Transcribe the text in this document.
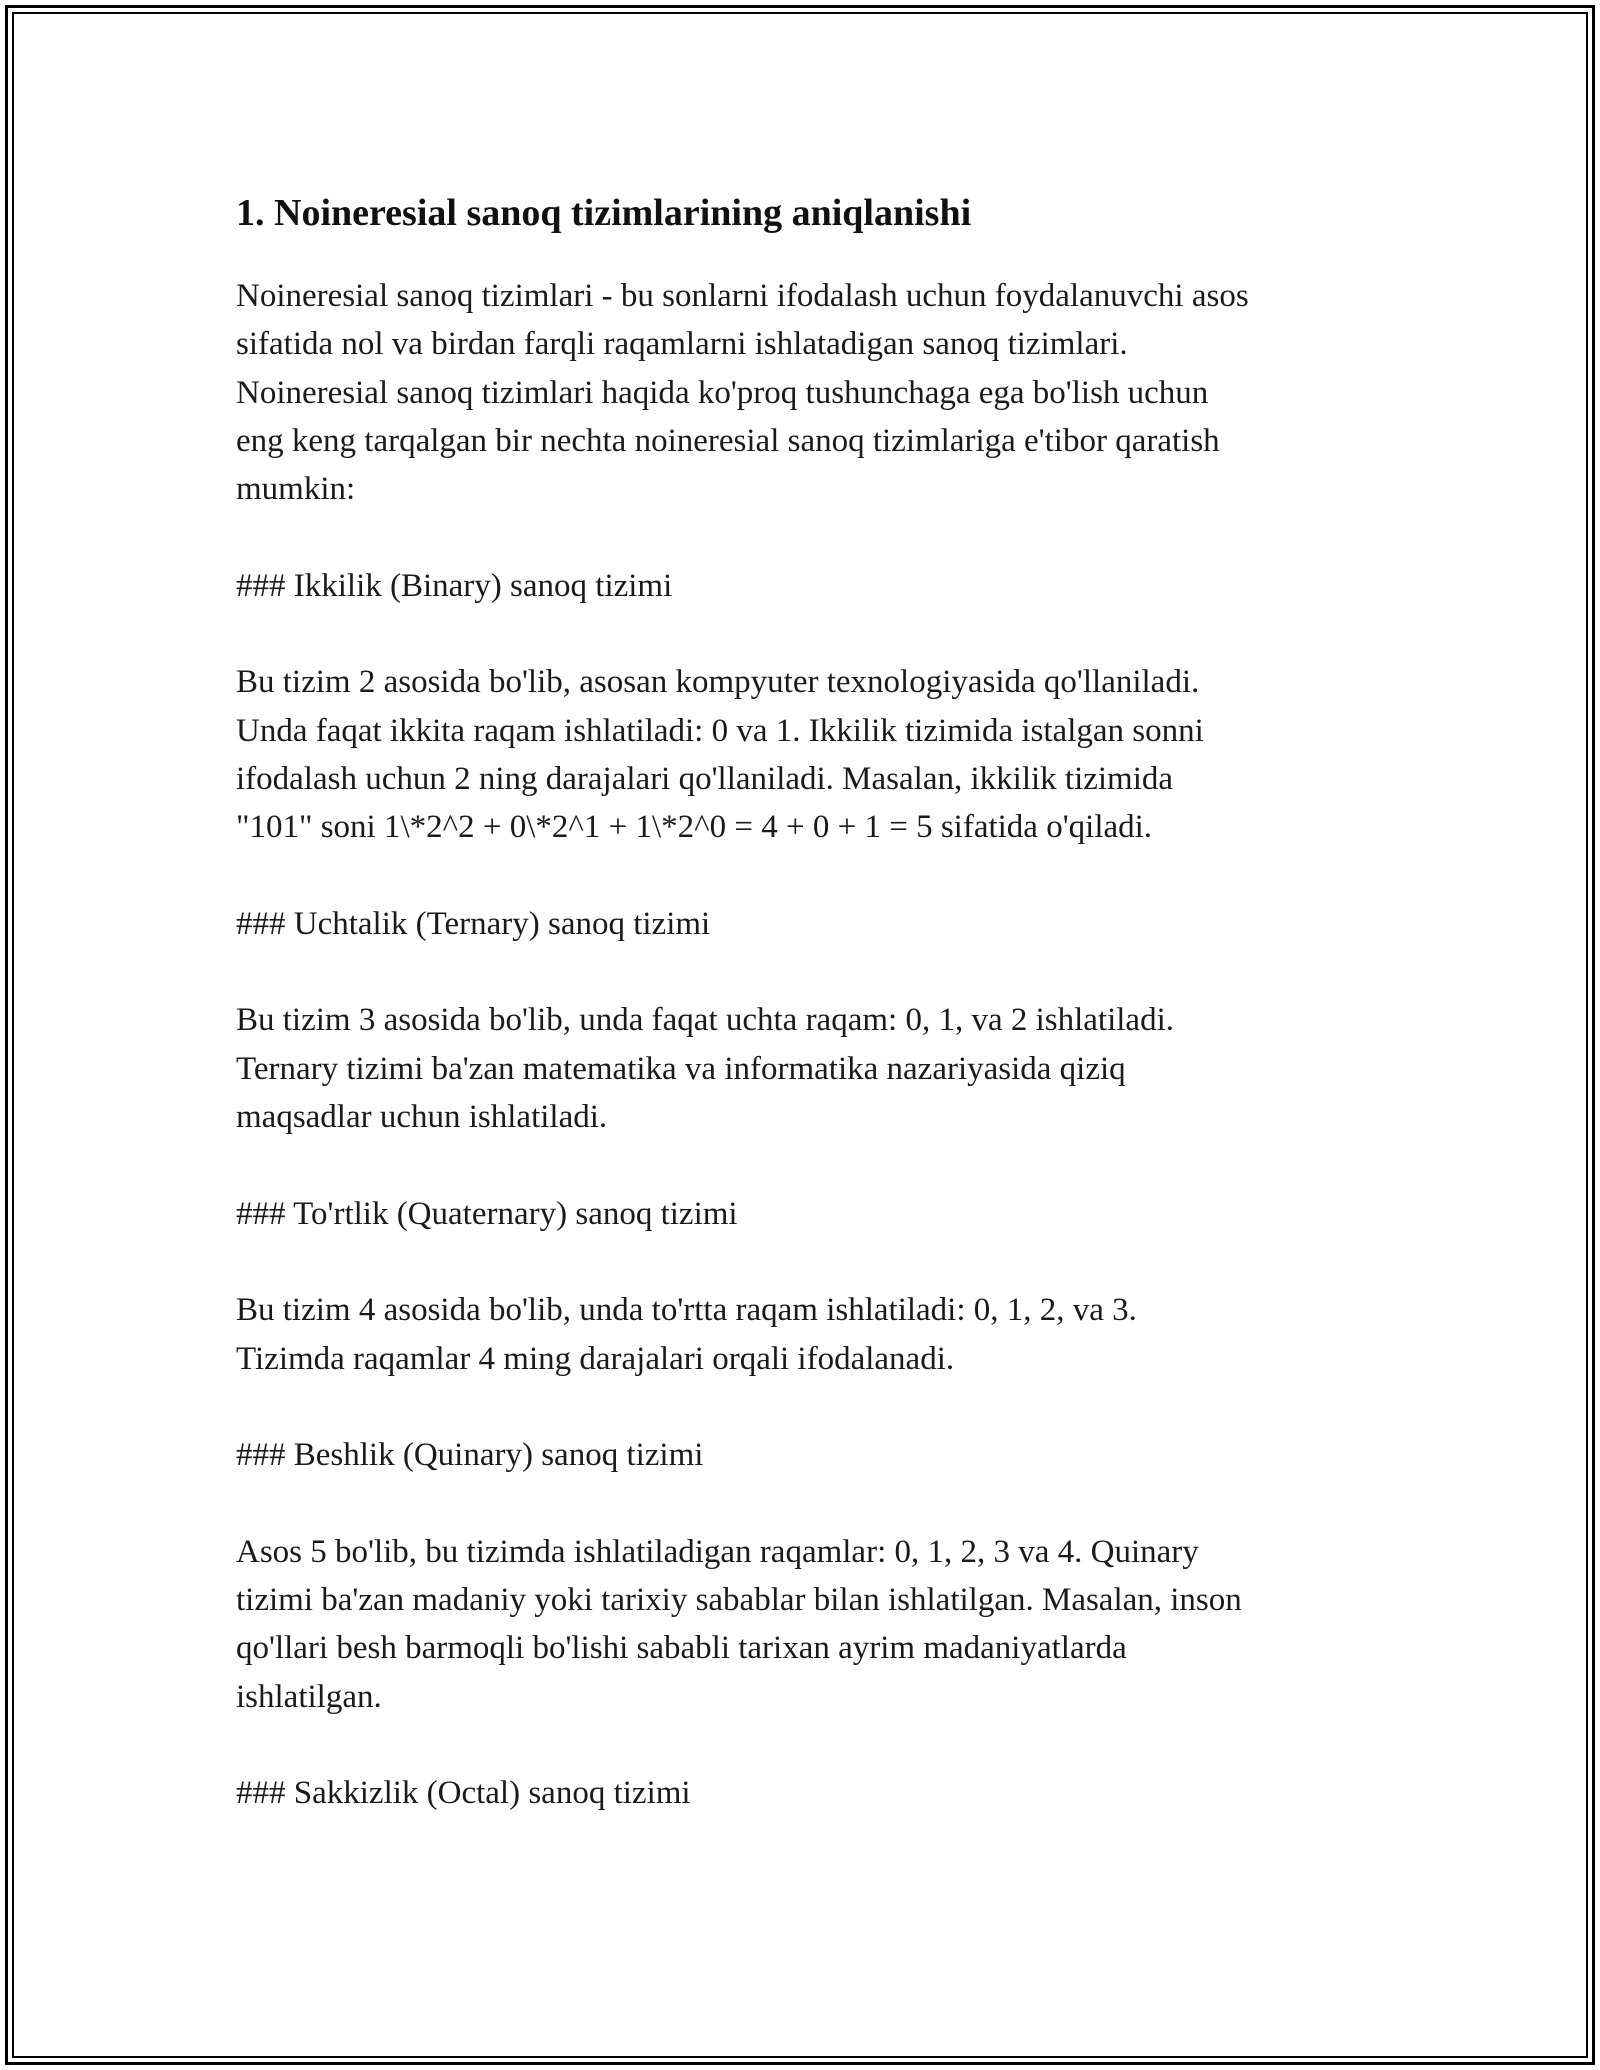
1. Noineresial sanoq tizimlarining aniqlanishi

Noineresial sanoq tizimlari - bu sonlarni ifodalash uchun foydalanuvchi asos
sifatida nol va birdan farqli raqamlarni ishlatadigan sanoq tizimlari.
Noineresial sanoq tizimlari haqida ko'proq tushunchaga ega bo'lish uchun
eng keng tarqalgan bir nechta noineresial sanoq tizimlariga e'tibor qaratish
mumkin:

### Ikkilik (Binary) sanoq tizimi

Bu tizim 2 asosida bo'lib, asosan kompyuter texnologiyasida qo'llaniladi.
Unda faqat ikkita raqam ishlatiladi: 0 va 1. Ikkilik tizimida istalgan sonni
ifodalash uchun 2 ning darajalari qo'llaniladi. Masalan, ikkilik tizimida
"101" soni 1\*2^2 + 0\*2^1 + 1\*2^0 = 4 + 0 + 1 = 5 sifatida o'qiladi.

### Uchtalik (Ternary) sanoq tizimi

Bu tizim 3 asosida bo'lib, unda faqat uchta raqam: 0, 1, va 2 ishlatiladi.
Ternary tizimi ba'zan matematika va informatika nazariyasida qiziq
maqsadlar uchun ishlatiladi.

### To'rtlik (Quaternary) sanoq tizimi

Bu tizim 4 asosida bo'lib, unda to'rtta raqam ishlatiladi: 0, 1, 2, va 3.
Tizimda raqamlar 4 ming darajalari orqali ifodalanadi.

### Beshlik (Quinary) sanoq tizimi

Asos 5 bo'lib, bu tizimda ishlatiladigan raqamlar: 0, 1, 2, 3 va 4. Quinary
tizimi ba'zan madaniy yoki tarixiy sabablar bilan ishlatilgan. Masalan, inson
qo'llari besh barmoqli bo'lishi sababli tarixan ayrim madaniyatlarda
ishlatilgan.

### Sakkizlik (Octal) sanoq tizimi
